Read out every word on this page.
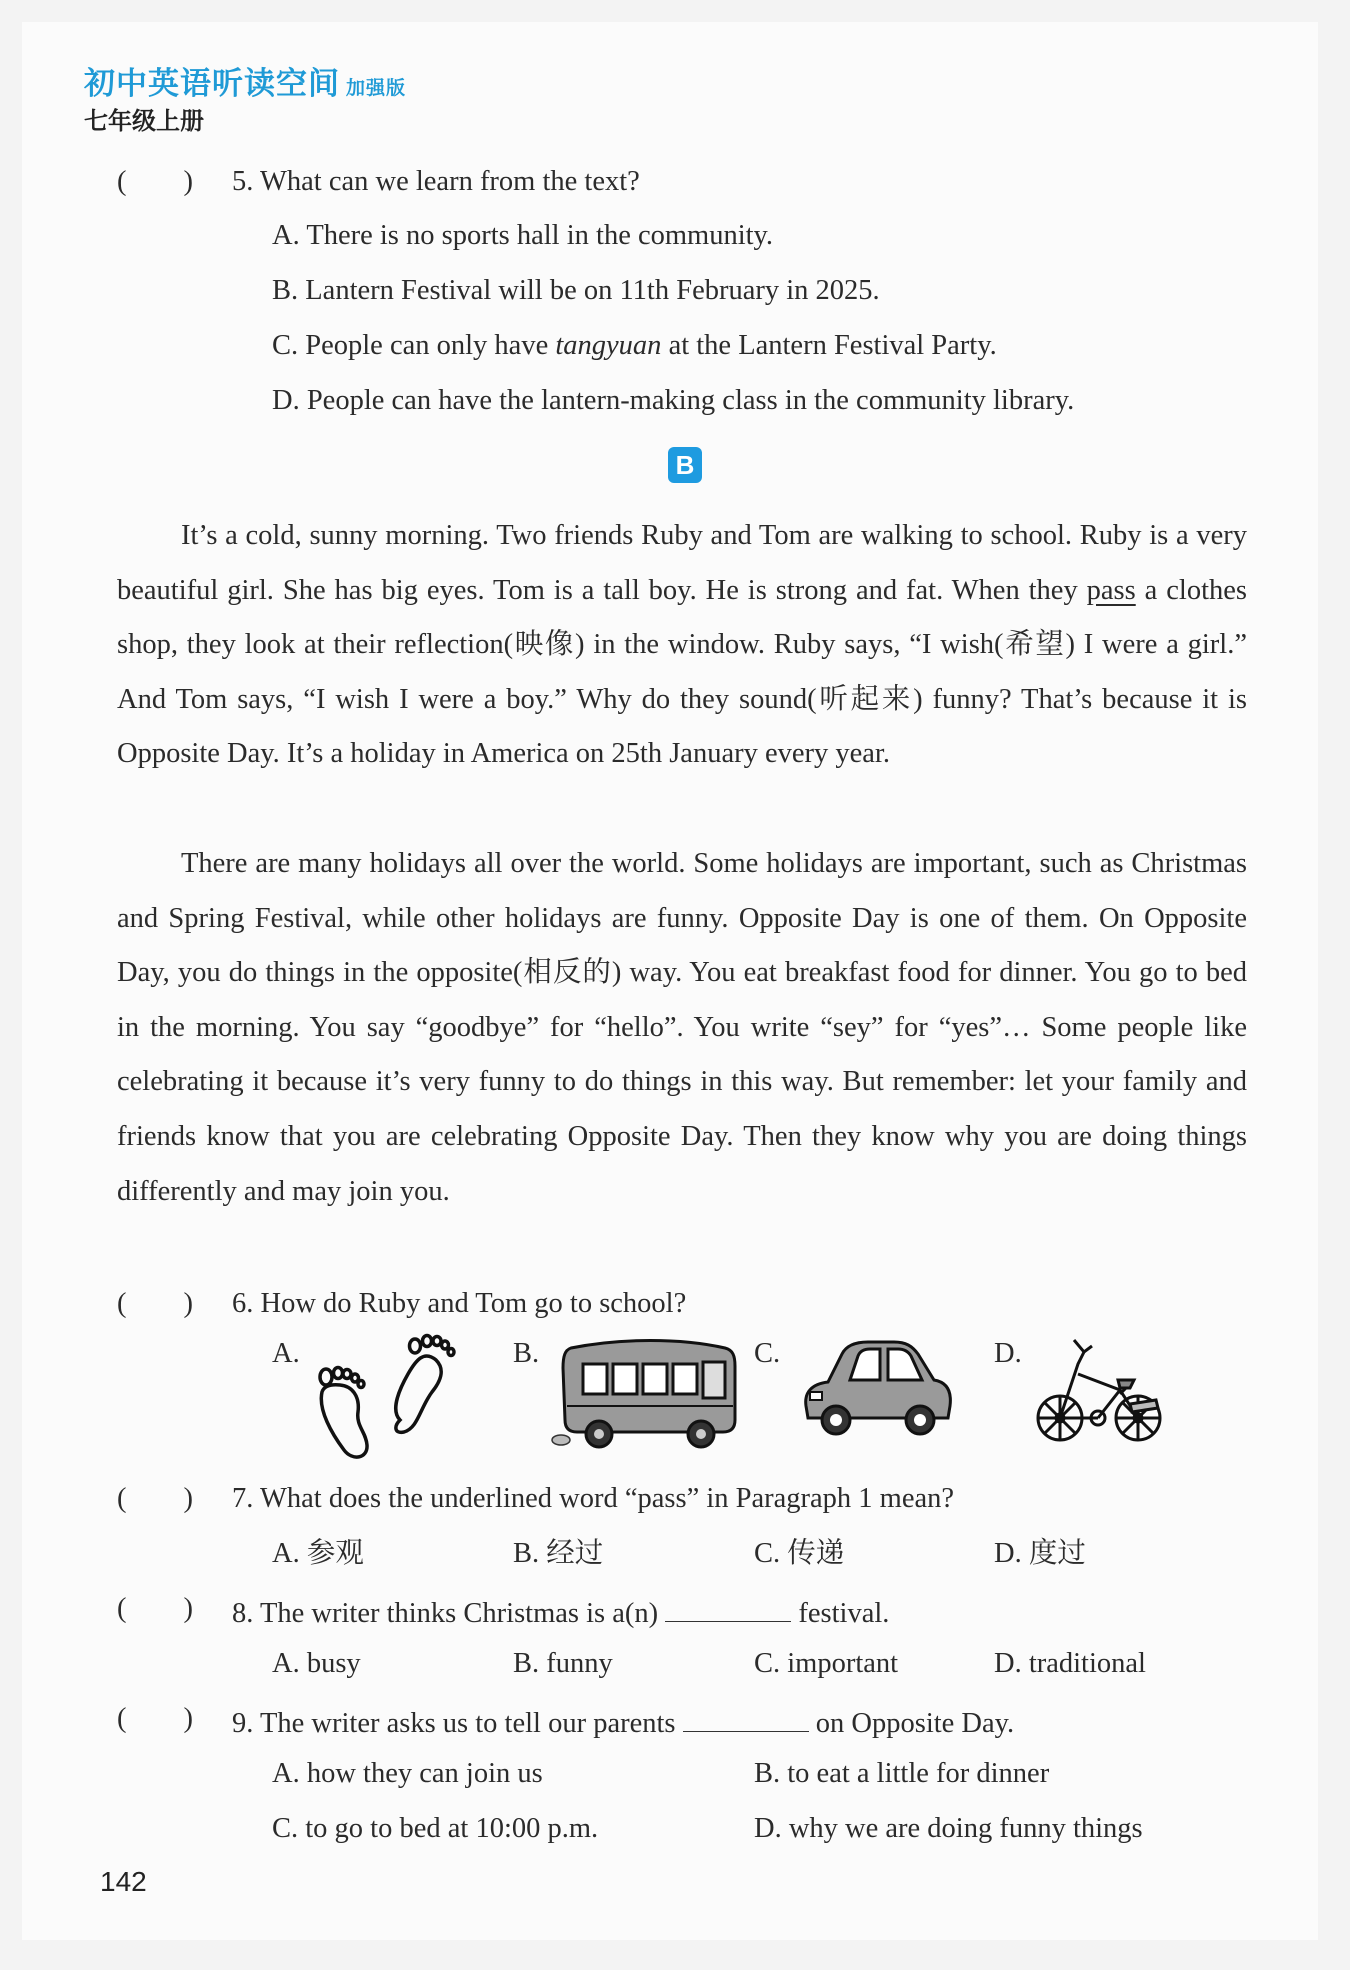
初中英语听读空间 加强版
七年级上册
(　　) 5. What can we learn from the text?
A. There is no sports hall in the community.
B. Lantern Festival will be on 11th February in 2025.
C. People can only have tangyuan at the Lantern Festival Party.
D. People can have the lantern-making class in the community library.
B
It’s a cold, sunny morning. Two friends Ruby and Tom are walking to school. Ruby is a very beautiful girl. She has big eyes. Tom is a tall boy. He is strong and fat. When they pass a clothes shop, they look at their reflection(映像) in the window. Ruby says, “I wish(希望) I were a girl.” And Tom says, “I wish I were a boy.” Why do they sound(听起来) funny? That’s because it is Opposite Day. It’s a holiday in America on 25th January every year.
There are many holidays all over the world. Some holidays are important, such as Christmas and Spring Festival, while other holidays are funny. Opposite Day is one of them. On Opposite Day, you do things in the opposite(相反的) way. You eat breakfast food for dinner. You go to bed in the morning. You say “goodbye” for “hello”. You write “sey” for “yes”… Some people like celebrating it because it’s very funny to do things in this way. But remember: let your family and friends know that you are celebrating Opposite Day. Then they know why you are doing things differently and may join you.
(　　) 6. How do Ruby and Tom go to school?
A.	B.	C.	D.
(　　) 7. What does the underlined word “pass” in Paragraph 1 mean?
A. 参观	B. 经过	C. 传递	D. 度过
(　　) 8. The writer thinks Christmas is a(n)	festival.
A. busy	B. funny	C. important	D. traditional
(　　) 9. The writer asks us to tell our parents	on Opposite Day.
A. how they can join us	B. to eat a little for dinner
C. to go to bed at 10:00 p.m.	D. why we are doing funny things
142
